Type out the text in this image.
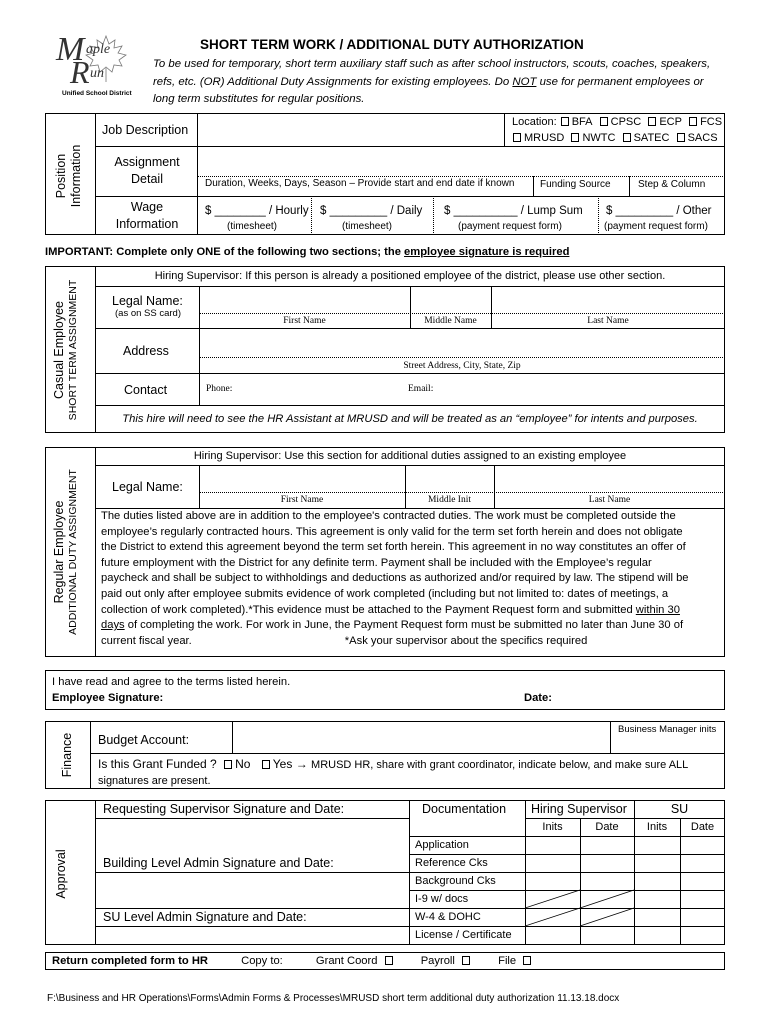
M aple
R un
Unified School District
SHORT TERM WORK / ADDITIONAL DUTY AUTHORIZATION
To be used for temporary, short term auxiliary staff such as after school instructors, scouts, coaches, speakers,
refs, etc. (OR) Additional Duty Assignments for existing employees. Do NOT use for permanent employees or
long term substitutes for regular positions.
Position Information
Job Description
Location: BFA CPSC ECP FCS
MRUSD NWTC SATEC SACS
Assignment
Detail	Duration, Weeks, Days, Season – Provide start and end date if known	Funding Source	Step & Column
Wage
Information
$ ________ / Hourly
(timesheet)
$ _________ / Daily
(timesheet)
$ __________ / Lump Sum
(payment request form)
$ _________ / Other
(payment request form)
IMPORTANT: Complete only ONE of the following two sections; the employee signature is required
Casual Employee SHORT TERM ASSIGNMENT
Hiring Supervisor: If this person is already a positioned employee of the district, please use other section.
Legal Name:
(as on SS card)
First Name	Middle Name	Last Name
Address
Street Address, City, State, Zip
Contact	Phone:	Email:
This hire will need to see the HR Assistant at MRUSD and will be treated as an “employee” for intents and purposes.
Regular Employee ADDITIONAL DUTY ASSIGNMENT
Hiring Supervisor: Use this section for additional duties assigned to an existing employee
Legal Name:
First Name	Middle Init	Last Name
The duties listed above are in addition to the employee's contracted duties. The work must be completed outside the
employee’s regularly contracted hours. This agreement is only valid for the term set forth herein and does not obligate
the District to extend this agreement beyond the term set forth herein. This agreement in no way constitutes an offer of
future employment with the District for any definite term. Payment shall be included with the Employee’s regular
paycheck and shall be subject to withholdings and deductions as authorized and/or required by law. The stipend will be
paid out only after employee submits evidence of work completed (including but not limited to: dates of meetings, a
collection of work completed).*This evidence must be attached to the Payment Request form and submitted within 30
days of completing the work. For work in June, the Payment Request form must be submitted no later than June 30 of
current fiscal year.	*Ask your supervisor about the specifics required
I have read and agree to the terms listed herein.
Employee Signature:	Date:
Finance Budget Account:
Business Manager inits
Is this Grant Funded ? No Yes → MRUSD HR, share with grant coordinator, indicate below, and make sure ALL
signatures are present.
Approval
Requesting Supervisor Signature and Date:
Building Level Admin Signature and Date:
SU Level Admin Signature and Date:
Documentation Hiring Supervisor	SU
Inits	Date	Inits	Date
Application
Reference Cks
Background Cks
I-9 w/ docs
W-4 & DOHC
License / Certificate
Return completed form to HR	Copy to:	Grant Coord	Payroll	File
F:\Business and HR Operations\Forms\Admin Forms & Processes\MRUSD short term additional duty authorization 11.13.18.docx
